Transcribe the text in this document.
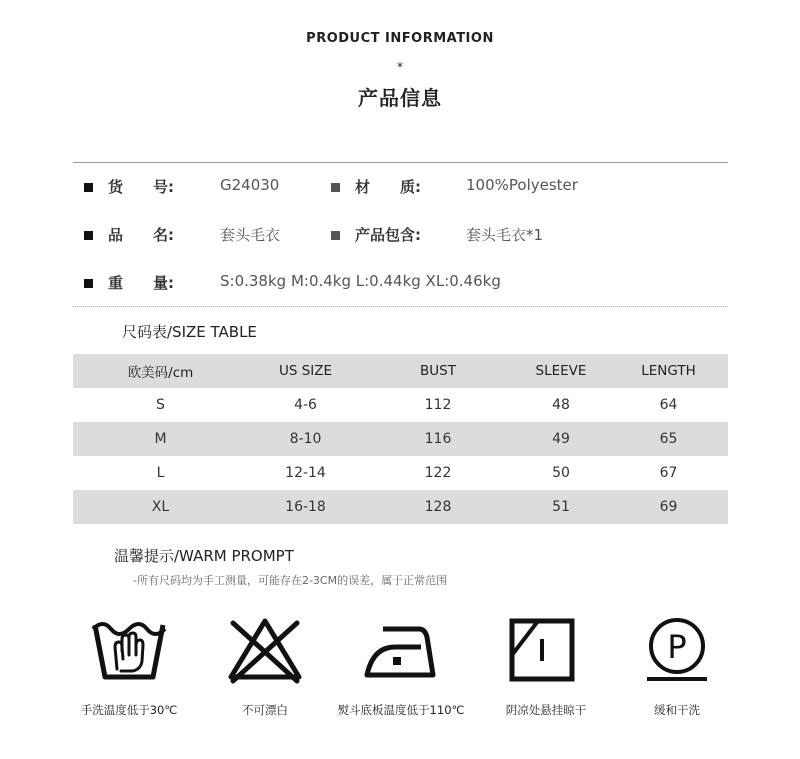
PRODUCT INFORMATION
*
产品信息
货　　号:	G24030	材　　质:	100%Polyester
品　　名:	套头毛衣	产品包含:	套头毛衣*1
重　　量:	S:0.38kg M:0.4kg L:0.44kg XL:0.46kg
尺码表/SIZE TABLE
欧美码/cm	US SIZE	BUST	SLEEVE	LENGTH
S	4-6	112	48	64
M	8-10	116	49	65
L	12-14	122	50	67
XL	16-18	128	51	69
温馨提示/WARM PROMPT
-所有尺码均为手工测量，可能存在2-3CM的误差，属于正常范围
手洗温度低于30℃	不可漂白	熨斗底板温度低于110℃	阴凉处悬挂晾干
P
缓和干洗
